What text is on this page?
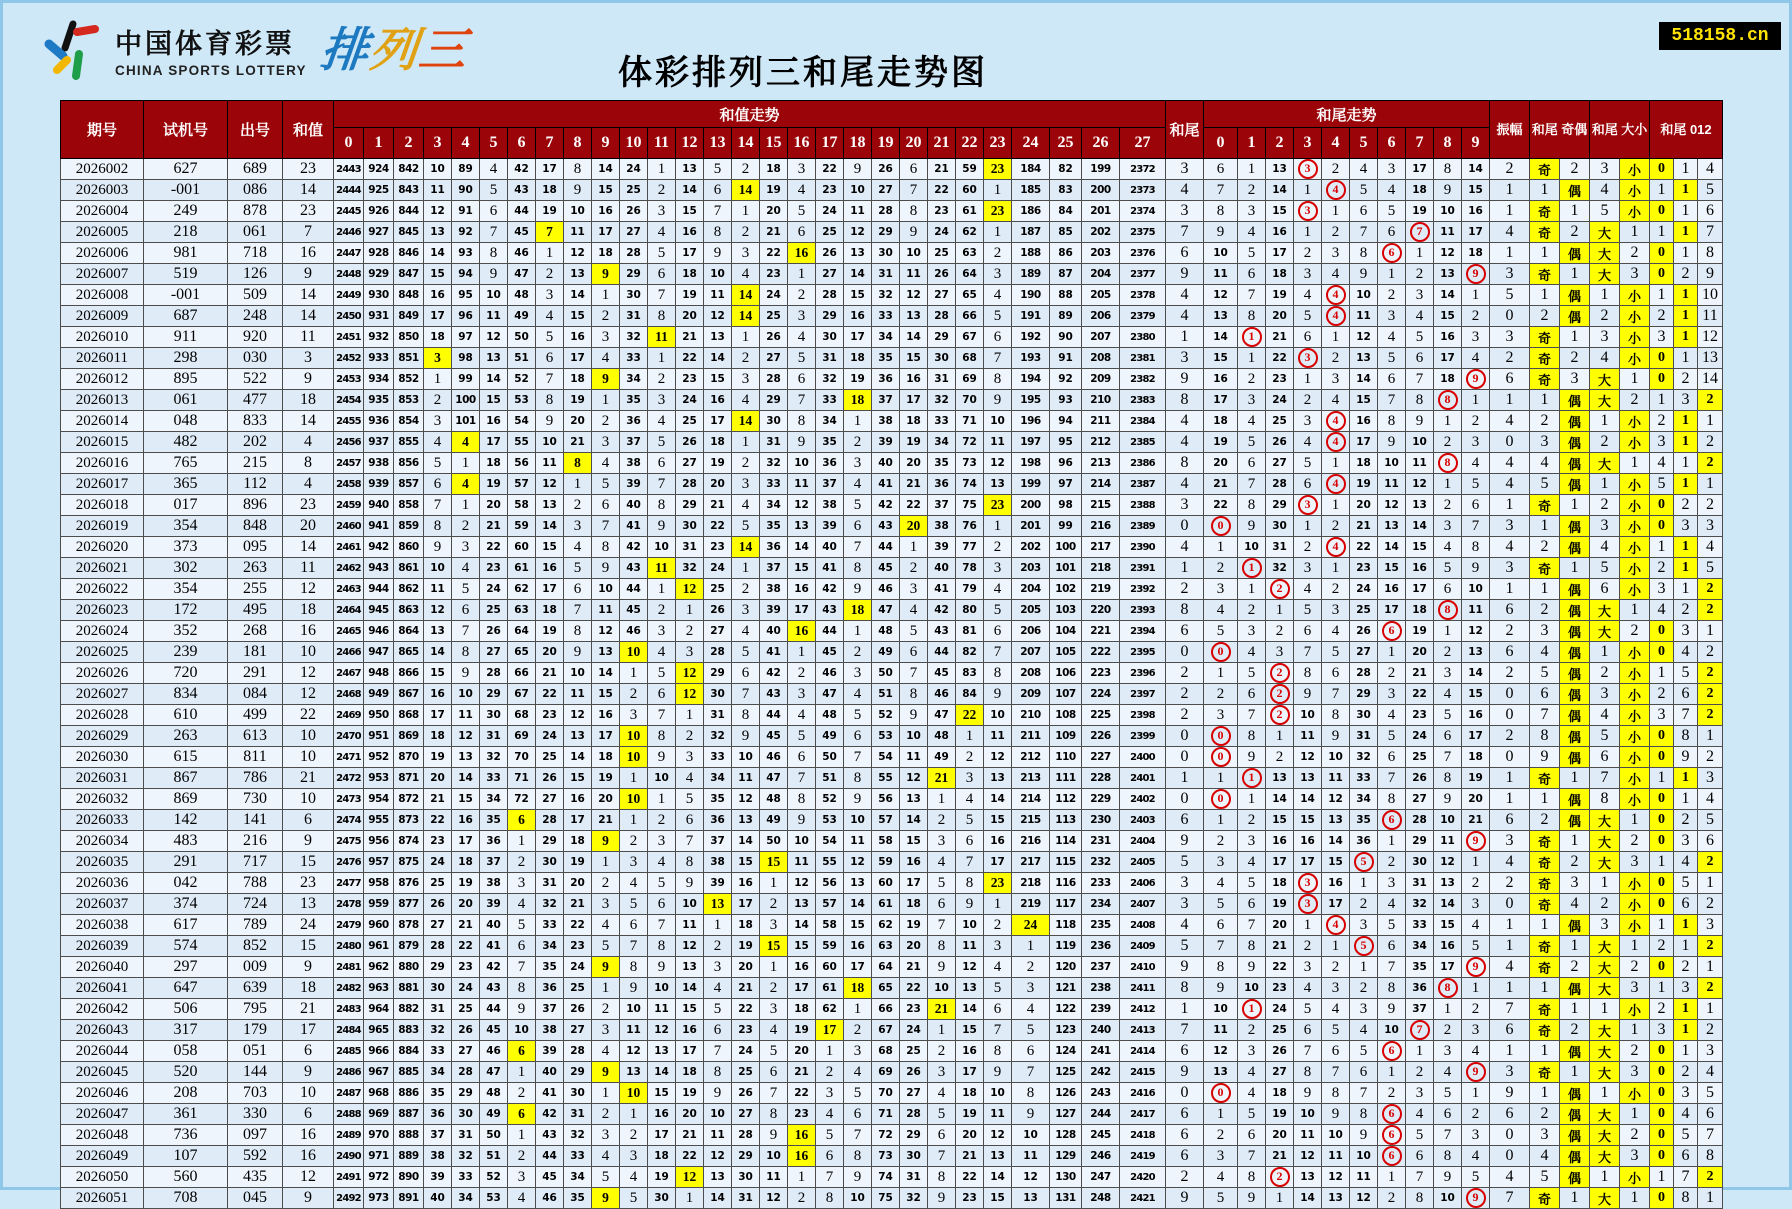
中国体育彩票
CHINA SPORTS LOTTERY 排列三	体彩排列三和尾走势图
518158.cn
期号	试机号	出号	和值	和值走势																												和尾	和尾走势										振幅	和尾 奇偶		和尾 大小		和尾 012		
				0	1	2	3	4	5	6	7	8	9	10	11	12	13	14	15	16	17	18	19	20	21	22	23	24	25	26	27		0	1	2	3	4	5	6	7	8	9								
2026002	627	689	23	2443	924	842	10	89	4	42	17	8	14	24	1	13	5	2	18	3	22	9	26	6	21	59	23	184	82	199	2372	3	6	1	13	3	2	4	3	17	8	14	2	奇	2	3	小	0	1	4
2026003	-001	086	14	2444	925	843	11	90	5	43	18	9	15	25	2	14	6	14	19	4	23	10	27	7	22	60	1	185	83	200	2373	4	7	2	14	1	4	5	4	18	9	15	1	1	偶	4	小	1	1	5
2026004	249	878	23	2445	926	844	12	91	6	44	19	10	16	26	3	15	7	1	20	5	24	11	28	8	23	61	23	186	84	201	2374	3	8	3	15	3	1	6	5	19	10	16	1	奇	1	5	小	0	1	6
2026005	218	061	7	2446	927	845	13	92	7	45	7	11	17	27	4	16	8	2	21	6	25	12	29	9	24	62	1	187	85	202	2375	7	9	4	16	1	2	7	6	7	11	17	4	奇	2	大	1	1	1	7
2026006	981	718	16	2447	928	846	14	93	8	46	1	12	18	28	5	17	9	3	22	16	26	13	30	10	25	63	2	188	86	203	2376	6	10	5	17	2	3	8	6	1	12	18	1	1	偶	大	2	0	1	8
2026007	519	126	9	2448	929	847	15	94	9	47	2	13	9	29	6	18	10	4	23	1	27	14	31	11	26	64	3	189	87	204	2377	9	11	6	18	3	4	9	1	2	13	9	3	奇	1	大	3	0	2	9
2026008	-001	509	14	2449	930	848	16	95	10	48	3	14	1	30	7	19	11	14	24	2	28	15	32	12	27	65	4	190	88	205	2378	4	12	7	19	4	4	10	2	3	14	1	5	1	偶	1	小	1	1	10
2026009	687	248	14	2450	931	849	17	96	11	49	4	15	2	31	8	20	12	14	25	3	29	16	33	13	28	66	5	191	89	206	2379	4	13	8	20	5	4	11	3	4	15	2	0	2	偶	2	小	2	1	11
2026010	911	920	11	2451	932	850	18	97	12	50	5	16	3	32	11	21	13	1	26	4	30	17	34	14	29	67	6	192	90	207	2380	1	14	1	21	6	1	12	4	5	16	3	3	奇	1	3	小	3	1	12
2026011	298	030	3	2452	933	851	3	98	13	51	6	17	4	33	1	22	14	2	27	5	31	18	35	15	30	68	7	193	91	208	2381	3	15	1	22	3	2	13	5	6	17	4	2	奇	2	4	小	0	1	13
2026012	895	522	9	2453	934	852	1	99	14	52	7	18	9	34	2	23	15	3	28	6	32	19	36	16	31	69	8	194	92	209	2382	9	16	2	23	1	3	14	6	7	18	9	6	奇	3	大	1	0	2	14
2026013	061	477	18	2454	935	853	2	100	15	53	8	19	1	35	3	24	16	4	29	7	33	18	37	17	32	70	9	195	93	210	2383	8	17	3	24	2	4	15	7	8	8	1	1	1	偶	大	2	1	3	2
2026014	048	833	14	2455	936	854	3	101	16	54	9	20	2	36	4	25	17	14	30	8	34	1	38	18	33	71	10	196	94	211	2384	4	18	4	25	3	4	16	8	9	1	2	4	2	偶	1	小	2	1	1
2026015	482	202	4	2456	937	855	4	4	17	55	10	21	3	37	5	26	18	1	31	9	35	2	39	19	34	72	11	197	95	212	2385	4	19	5	26	4	4	17	9	10	2	3	0	3	偶	2	小	3	1	2
2026016	765	215	8	2457	938	856	5	1	18	56	11	8	4	38	6	27	19	2	32	10	36	3	40	20	35	73	12	198	96	213	2386	8	20	6	27	5	1	18	10	11	8	4	4	4	偶	大	1	4	1	2
2026017	365	112	4	2458	939	857	6	4	19	57	12	1	5	39	7	28	20	3	33	11	37	4	41	21	36	74	13	199	97	214	2387	4	21	7	28	6	4	19	11	12	1	5	4	5	偶	1	小	5	1	1
2026018	017	896	23	2459	940	858	7	1	20	58	13	2	6	40	8	29	21	4	34	12	38	5	42	22	37	75	23	200	98	215	2388	3	22	8	29	3	1	20	12	13	2	6	1	奇	1	2	小	0	2	2
2026019	354	848	20	2460	941	859	8	2	21	59	14	3	7	41	9	30	22	5	35	13	39	6	43	20	38	76	1	201	99	216	2389	0	0	9	30	1	2	21	13	14	3	7	3	1	偶	3	小	0	3	3
2026020	373	095	14	2461	942	860	9	3	22	60	15	4	8	42	10	31	23	14	36	14	40	7	44	1	39	77	2	202	100	217	2390	4	1	10	31	2	4	22	14	15	4	8	4	2	偶	4	小	1	1	4
2026021	302	263	11	2462	943	861	10	4	23	61	16	5	9	43	11	32	24	1	37	15	41	8	45	2	40	78	3	203	101	218	2391	1	2	1	32	3	1	23	15	16	5	9	3	奇	1	5	小	2	1	5
2026022	354	255	12	2463	944	862	11	5	24	62	17	6	10	44	1	12	25	2	38	16	42	9	46	3	41	79	4	204	102	219	2392	2	3	1	2	4	2	24	16	17	6	10	1	1	偶	6	小	3	1	2
2026023	172	495	18	2464	945	863	12	6	25	63	18	7	11	45	2	1	26	3	39	17	43	18	47	4	42	80	5	205	103	220	2393	8	4	2	1	5	3	25	17	18	8	11	6	2	偶	大	1	4	2	2
2026024	352	268	16	2465	946	864	13	7	26	64	19	8	12	46	3	2	27	4	40	16	44	1	48	5	43	81	6	206	104	221	2394	6	5	3	2	6	4	26	6	19	1	12	2	3	偶	大	2	0	3	1
2026025	239	181	10	2466	947	865	14	8	27	65	20	9	13	10	4	3	28	5	41	1	45	2	49	6	44	82	7	207	105	222	2395	0	0	4	3	7	5	27	1	20	2	13	6	4	偶	1	小	0	4	2
2026026	720	291	12	2467	948	866	15	9	28	66	21	10	14	1	5	12	29	6	42	2	46	3	50	7	45	83	8	208	106	223	2396	2	1	5	2	8	6	28	2	21	3	14	2	5	偶	2	小	1	5	2
2026027	834	084	12	2468	949	867	16	10	29	67	22	11	15	2	6	12	30	7	43	3	47	4	51	8	46	84	9	209	107	224	2397	2	2	6	2	9	7	29	3	22	4	15	0	6	偶	3	小	2	6	2
2026028	610	499	22	2469	950	868	17	11	30	68	23	12	16	3	7	1	31	8	44	4	48	5	52	9	47	22	10	210	108	225	2398	2	3	7	2	10	8	30	4	23	5	16	0	7	偶	4	小	3	7	2
2026029	263	613	10	2470	951	869	18	12	31	69	24	13	17	10	8	2	32	9	45	5	49	6	53	10	48	1	11	211	109	226	2399	0	0	8	1	11	9	31	5	24	6	17	2	8	偶	5	小	0	8	1
2026030	615	811	10	2471	952	870	19	13	32	70	25	14	18	10	9	3	33	10	46	6	50	7	54	11	49	2	12	212	110	227	2400	0	0	9	2	12	10	32	6	25	7	18	0	9	偶	6	小	0	9	2
2026031	867	786	21	2472	953	871	20	14	33	71	26	15	19	1	10	4	34	11	47	7	51	8	55	12	21	3	13	213	111	228	2401	1	1	1	13	13	11	33	7	26	8	19	1	奇	1	7	小	1	1	3
2026032	869	730	10	2473	954	872	21	15	34	72	27	16	20	10	1	5	35	12	48	8	52	9	56	13	1	4	14	214	112	229	2402	0	0	1	14	14	12	34	8	27	9	20	1	1	偶	8	小	0	1	4
2026033	142	141	6	2474	955	873	22	16	35	6	28	17	21	1	2	6	36	13	49	9	53	10	57	14	2	5	15	215	113	230	2403	6	1	2	15	15	13	35	6	28	10	21	6	2	偶	大	1	0	2	5
2026034	483	216	9	2475	956	874	23	17	36	1	29	18	9	2	3	7	37	14	50	10	54	11	58	15	3	6	16	216	114	231	2404	9	2	3	16	16	14	36	1	29	11	9	3	奇	1	大	2	0	3	6
2026035	291	717	15	2476	957	875	24	18	37	2	30	19	1	3	4	8	38	15	15	11	55	12	59	16	4	7	17	217	115	232	2405	5	3	4	17	17	15	5	2	30	12	1	4	奇	2	大	3	1	4	2
2026036	042	788	23	2477	958	876	25	19	38	3	31	20	2	4	5	9	39	16	1	12	56	13	60	17	5	8	23	218	116	233	2406	3	4	5	18	3	16	1	3	31	13	2	2	奇	3	1	小	0	5	1
2026037	374	724	13	2478	959	877	26	20	39	4	32	21	3	5	6	10	13	17	2	13	57	14	61	18	6	9	1	219	117	234	2407	3	5	6	19	3	17	2	4	32	14	3	0	奇	4	2	小	0	6	2
2026038	617	789	24	2479	960	878	27	21	40	5	33	22	4	6	7	11	1	18	3	14	58	15	62	19	7	10	2	24	118	235	2408	4	6	7	20	1	4	3	5	33	15	4	1	1	偶	3	小	1	1	3
2026039	574	852	15	2480	961	879	28	22	41	6	34	23	5	7	8	12	2	19	15	15	59	16	63	20	8	11	3	1	119	236	2409	5	7	8	21	2	1	5	6	34	16	5	1	奇	1	大	1	2	1	2
2026040	297	009	9	2481	962	880	29	23	42	7	35	24	9	8	9	13	3	20	1	16	60	17	64	21	9	12	4	2	120	237	2410	9	8	9	22	3	2	1	7	35	17	9	4	奇	2	大	2	0	2	1
2026041	647	639	18	2482	963	881	30	24	43	8	36	25	1	9	10	14	4	21	2	17	61	18	65	22	10	13	5	3	121	238	2411	8	9	10	23	4	3	2	8	36	8	1	1	1	偶	大	3	1	3	2
2026042	506	795	21	2483	964	882	31	25	44	9	37	26	2	10	11	15	5	22	3	18	62	1	66	23	21	14	6	4	122	239	2412	1	10	1	24	5	4	3	9	37	1	2	7	奇	1	1	小	2	1	1
2026043	317	179	17	2484	965	883	32	26	45	10	38	27	3	11	12	16	6	23	4	19	17	2	67	24	1	15	7	5	123	240	2413	7	11	2	25	6	5	4	10	7	2	3	6	奇	2	大	1	3	1	2
2026044	058	051	6	2485	966	884	33	27	46	6	39	28	4	12	13	17	7	24	5	20	1	3	68	25	2	16	8	6	124	241	2414	6	12	3	26	7	6	5	6	1	3	4	1	1	偶	大	2	0	1	3
2026045	520	144	9	2486	967	885	34	28	47	1	40	29	9	13	14	18	8	25	6	21	2	4	69	26	3	17	9	7	125	242	2415	9	13	4	27	8	7	6	1	2	4	9	3	奇	1	大	3	0	2	4
2026046	208	703	10	2487	968	886	35	29	48	2	41	30	1	10	15	19	9	26	7	22	3	5	70	27	4	18	10	8	126	243	2416	0	0	4	18	9	8	7	2	3	5	1	9	1	偶	1	小	0	3	5
2026047	361	330	6	2488	969	887	36	30	49	6	42	31	2	1	16	20	10	27	8	23	4	6	71	28	5	19	11	9	127	244	2417	6	1	5	19	10	9	8	6	4	6	2	6	2	偶	大	1	0	4	6
2026048	736	097	16	2489	970	888	37	31	50	1	43	32	3	2	17	21	11	28	9	16	5	7	72	29	6	20	12	10	128	245	2418	6	2	6	20	11	10	9	6	5	7	3	0	3	偶	大	2	0	5	7
2026049	107	592	16	2490	971	889	38	32	51	2	44	33	4	3	18	22	12	29	10	16	6	8	73	30	7	21	13	11	129	246	2419	6	3	7	21	12	11	10	6	6	8	4	0	4	偶	大	3	0	6	8
2026050	560	435	12	2491	972	890	39	33	52	3	45	34	5	4	19	12	13	30	11	1	7	9	74	31	8	22	14	12	130	247	2420	2	4	8	2	13	12	11	1	7	9	5	4	5	偶	1	小	1	7	2
2026051	708	045	9	2492	973	891	40	34	53	4	46	35	9	5	30	1	14	31	12	2	8	10	75	32	9	23	15	13	131	248	2421	9	5	9	1	14	13	12	2	8	10	9	7	奇	1	大	1	0	8	1
